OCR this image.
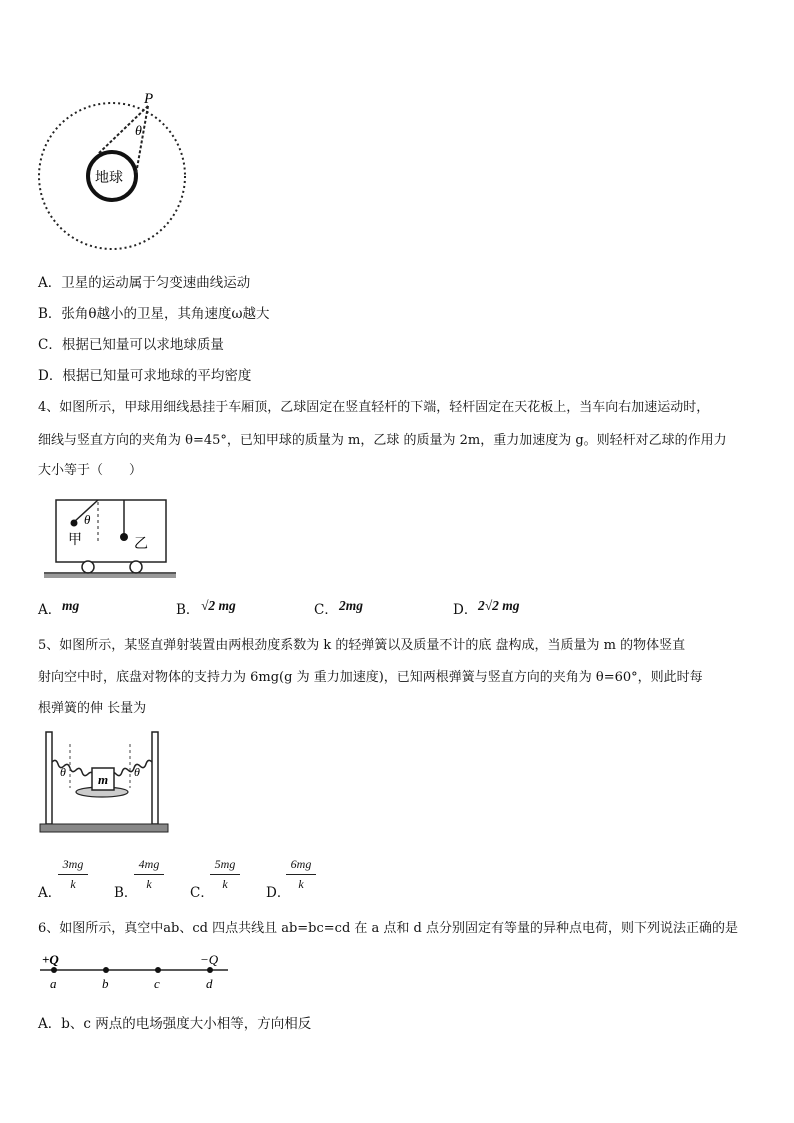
P
θ
地球
A．卫星的运动属于匀变速曲线运动
B．张角θ越小的卫星，其角速度ω越大
C．根据已知量可以求地球质量
D．根据已知量可求地球的平均密度
4、如图所示，甲球用细线悬挂于车厢顶，乙球固定在竖直轻杆的下端，轻杆固定在天花板上，当车向右加速运动时，
细线与竖直方向的夹角为 θ=45°，已知甲球的质量为 m，乙球 的质量为 2m，重力加速度为 g。则轻杆对乙球的作用力
大小等于（　　）
θ
甲	乙
A． mg	B． √2 mg	C． 2mg	D． 2√2 mg
5、如图所示，某竖直弹射装置由两根劲度系数为 k 的轻弹簧以及质量不计的底 盘构成，当质量为 m 的物体竖直
射向空中时，底盘对物体的支持力为 6mg(g 为 重力加速度)，已知两根弹簧与竖直方向的夹角为 θ=60°，则此时每
根弹簧的伸 长量为
m
θ	θ
A．
$\frac{3mg}{k}$
B．
$\frac{4mg}{k}$
C．
$\frac{5mg}{k}$
D．
$\frac{6mg}{k}$
6、如图所示，真空中ab、cd 四点共线且 ab=bc=cd 在 a 点和 d 点分别固定有等量的异种点电荷，则下列说法正确的是
+Q	−Q
a	b	c	d
A．b、c 两点的电场强度大小相等，方向相反
